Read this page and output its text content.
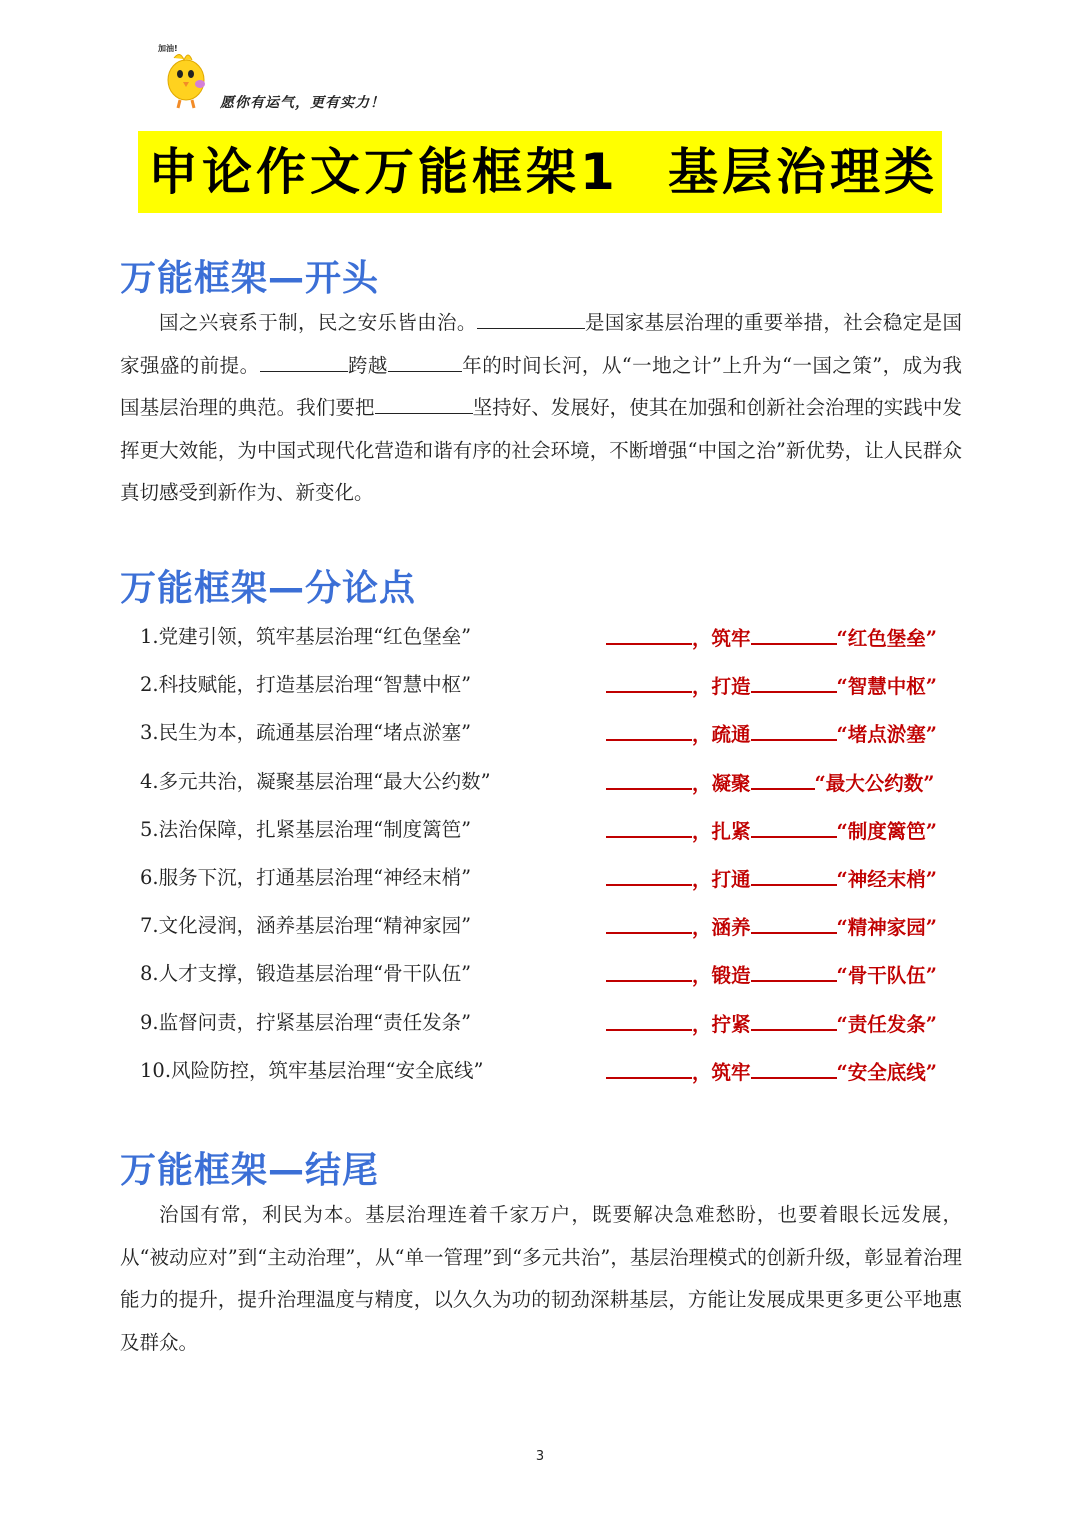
加油!
愿你有运气，更有实力！
申论作文万能框架1 基层治理类
万能框架—开头
国之兴衰系于制，民之安乐皆由治。	是国家基层治理的重要举措，社会稳定是国家强盛的前提。	跨越	年的时间长河，从“一地之计”上升为“一国之策”，成为我国基层治理的典范。我们要把	坚持好、发展好，使其在加强和创新社会治理的实践中发挥更大效能，为中国式现代化营造和谐有序的社会环境，不断增强“中国之治”新优势，让人民群众真切感受到新作为、新变化。
万能框架—分论点
1.党建引领，筑牢基层治理“红色堡垒”	，筑牢	“红色堡垒”
2.科技赋能，打造基层治理“智慧中枢”	，打造	“智慧中枢”
3.民生为本，疏通基层治理“堵点淤塞”	，疏通	“堵点淤塞”
4.多元共治，凝聚基层治理“最大公约数”	，凝聚	“最大公约数”
5.法治保障，扎紧基层治理“制度篱笆”	，扎紧	“制度篱笆”
6.服务下沉，打通基层治理“神经末梢”	，打通	“神经末梢”
7.文化浸润，涵养基层治理“精神家园”	，涵养	“精神家园”
8.人才支撑，锻造基层治理“骨干队伍”	，锻造	“骨干队伍”
9.监督问责，拧紧基层治理“责任发条”	，拧紧	“责任发条”
10.风险防控，筑牢基层治理“安全底线”	，筑牢	“安全底线”
万能框架—结尾
治国有常，利民为本。基层治理连着千家万户，既要解决急难愁盼，也要着眼长远发展，从“被动应对”到“主动治理”，从“单一管理”到“多元共治”，基层治理模式的创新升级，彰显着治理能力的提升，提升治理温度与精度，以久久为功的韧劲深耕基层，方能让发展成果更多更公平地惠及群众。
3
